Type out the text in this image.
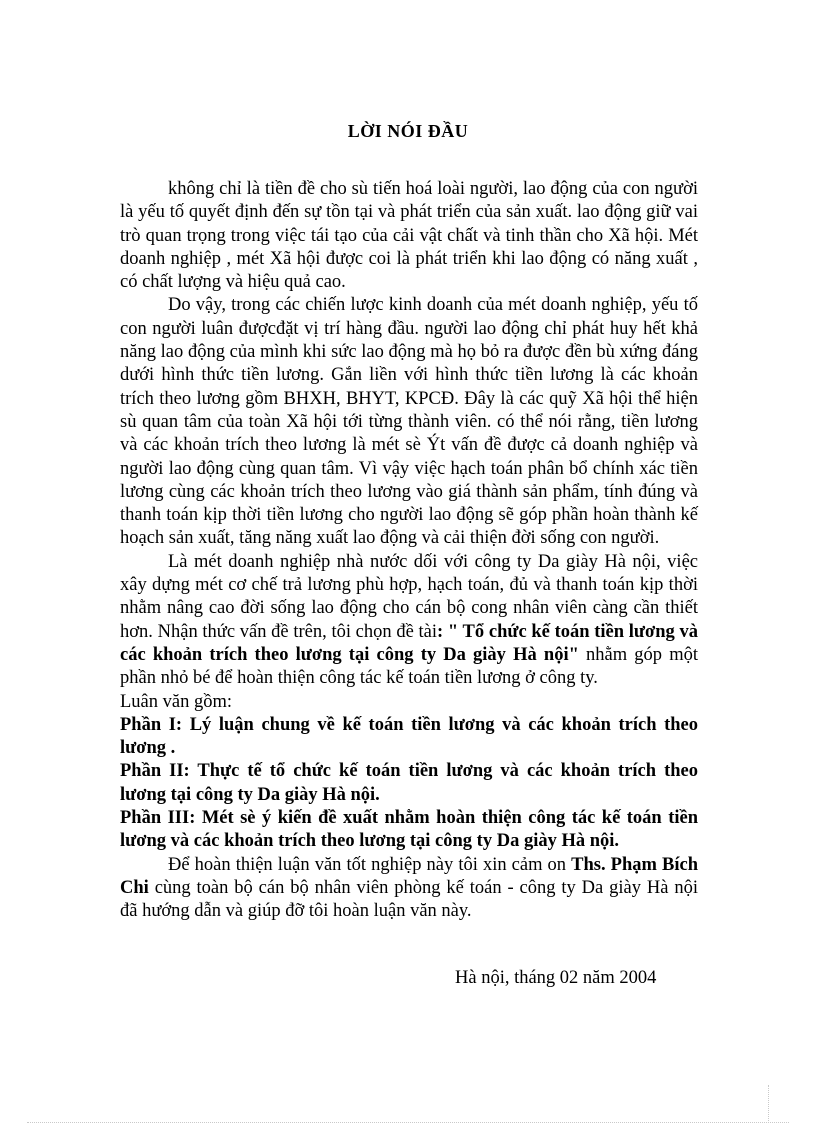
LỜI NÓI ĐẦU

không chỉ là tiền đề cho sù tiến hoá loài người, lao động của con người là yếu tố quyết định đến sự tồn tại và phát triển của sản xuất. lao động giữ vai trò quan trọng trong việc tái tạo của cải vật chất và tinh thần cho Xã hội. Mét doanh nghiệp , mét Xã hội được coi là phát triển khi lao động có năng xuất , có chất lượng và hiệu quả cao.

Do vậy, trong các chiến lược kinh doanh của mét doanh nghiệp, yếu tố con người luân đượcđặt vị trí hàng đầu. người lao động chỉ phát huy hết khả năng lao động của mình khi sức lao động mà họ bỏ ra được đền bù xứng đáng dưới hình thức tiền lương. Gắn liền với hình thức tiền lương là các khoản trích theo lương gồm BHXH, BHYT, KPCĐ. Đây là các quỹ Xã hội thể hiện sù quan tâm của toàn Xã hội tới từng thành viên. có thể nói rằng, tiền lương và các khoản trích theo lương là mét sè Ýt vấn đề được cả doanh nghiệp và người lao động cùng quan tâm. Vì vậy việc hạch toán phân bổ chính xác tiền lương cùng các khoản trích theo lương vào giá thành sản phẩm, tính đúng và thanh toán kịp thời tiền lương cho người lao động sẽ góp phần hoàn thành kế hoạch sản xuất, tăng năng xuất lao động và cải thiện đời sống con người.

Là mét doanh nghiệp nhà nước dối với công ty Da giày Hà nội, việc xây dựng mét cơ chế trả lương phù hợp, hạch toán, đủ và thanh toán kịp thời nhằm nâng cao đời sống lao động cho cán bộ cong nhân viên càng cần thiết hơn. Nhận thức vấn đề trên, tôi chọn đề tài: " Tổ chức kế toán tiền lương và các khoản trích theo lương tại công ty Da giày Hà nội" nhằm góp một phần nhỏ bé để hoàn thiện công tác kế toán tiền lương ở công ty.

Luân văn gồm:

Phần I: Lý luận chung về kế toán tiền lương và các khoản trích theo lương .

Phần II: Thực tế tổ chức kế toán tiền lương và các khoản trích theo lương tại công ty Da giày Hà nội.

Phần III: Mét sè ý kiến đề xuất nhằm hoàn thiện công tác kế toán tiền lương và các khoản trích theo lương tại công ty Da giày Hà nội.

Để hoàn thiện luận văn tốt nghiệp này tôi xin cảm on Ths. Phạm Bích Chi cùng toàn bộ cán bộ nhân viên phòng kế toán - công ty Da giày Hà nội đã hướng dẫn và giúp đỡ tôi hoàn luận văn này.

Hà nội, tháng 02 năm 2004
